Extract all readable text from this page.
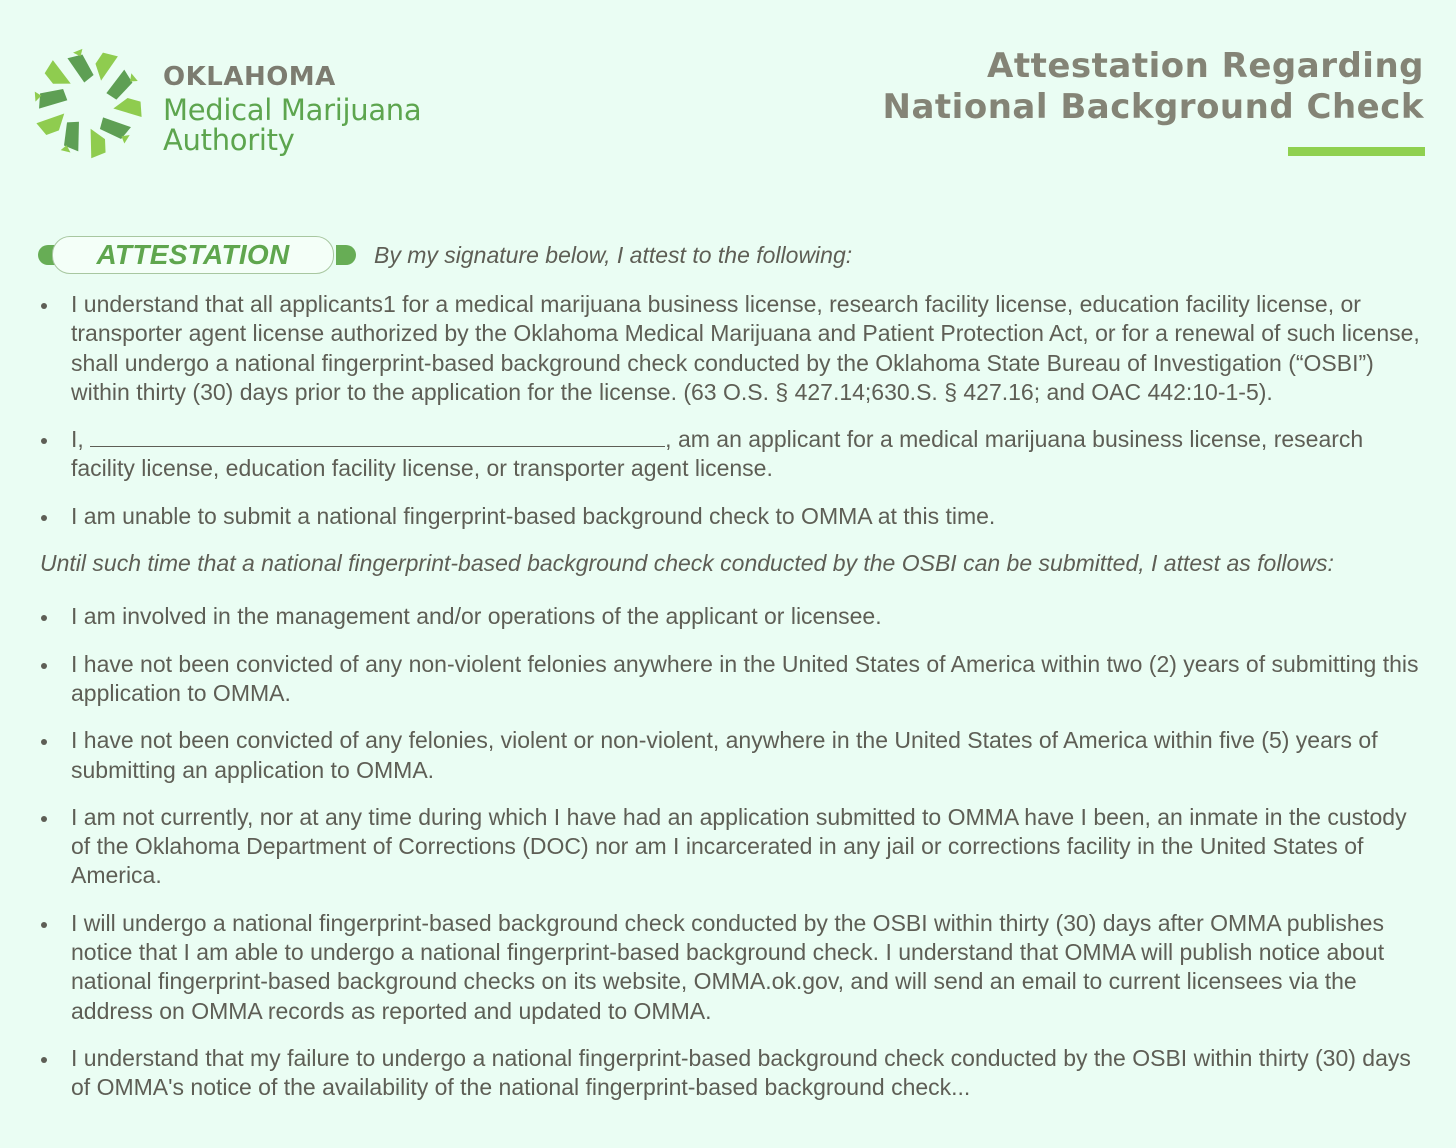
OKLAHOMA
Medical Marijuana
Authority
Attestation Regarding
National Background Check
ATTESTATION	By my signature below, I attest to the following:
I understand that all applicants1 for a medical marijuana business license, research facility license, education facility license, or transporter agent license authorized by the Oklahoma Medical Marijuana and Patient Protection Act, or for a renewal of such license, shall undergo a national fingerprint-based background check conducted by the Oklahoma State Bureau of Investigation (“OSBI”) within thirty (30) days prior to the application for the license. (63 O.S. § 427.14;630.S. § 427.16; and OAC 442:10-1-5).
I,	, am an applicant for a medical marijuana business license, research facility license, education facility license, or transporter agent license.
I am unable to submit a national fingerprint-based background check to OMMA at this time.

Until such time that a national fingerprint-based background check conducted by the OSBI can be submitted, I attest as follows:

I am involved in the management and/or operations of the applicant or licensee.
I have not been convicted of any non-violent felonies anywhere in the United States of America within two (2) years of submitting this application to OMMA.
I have not been convicted of any felonies, violent or non-violent, anywhere in the United States of America within five (5) years of submitting an application to OMMA.
I am not currently, nor at any time during which I have had an application submitted to OMMA have I been, an inmate in the custody of the Oklahoma Department of Corrections (DOC) nor am I incarcerated in any jail or corrections facility in the United States of America.
I will undergo a national fingerprint-based background check conducted by the OSBI within thirty (30) days after OMMA publishes notice that I am able to undergo a national fingerprint-based background check. I understand that OMMA will publish notice about national fingerprint-based background checks on its website, OMMA.ok.gov, and will send an email to current licensees via the address on OMMA records as reported and updated to OMMA.
I understand that my failure to undergo a national fingerprint-based background check conducted by the OSBI within thirty (30) days of OMMA's notice of the availability of the national fingerprint-based background check...
